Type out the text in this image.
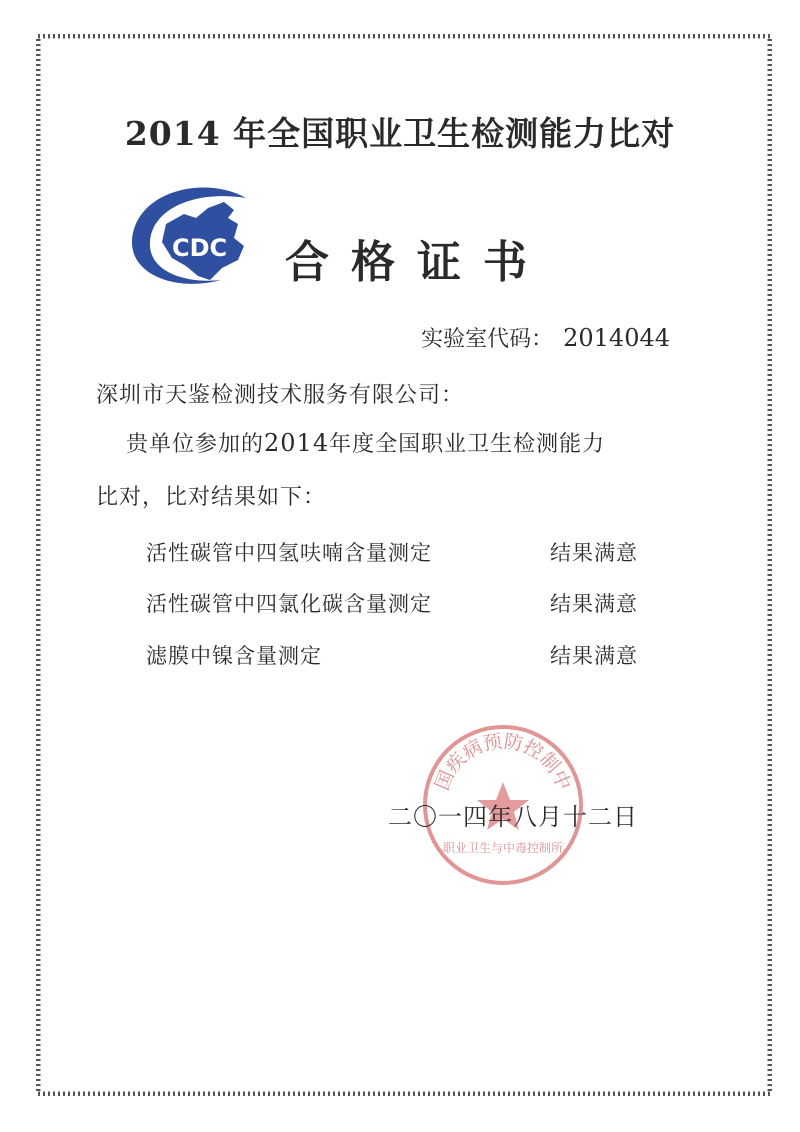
2014 年全国职业卫生检测能力比对
CDC 合格证书
实验室代码： 2014044
深圳市天鉴检测技术服务有限公司：
贵单位参加的2014年度全国职业卫生检测能力
比对，比对结果如下：
活性碳管中四氢呋喃含量测定	结果满意
活性碳管中四氯化碳含量测定	结果满意
滤膜中镍含量测定	结果满意
国疾病预防控制中
职业卫生与中毒控制所
二〇一四年八月十二日
